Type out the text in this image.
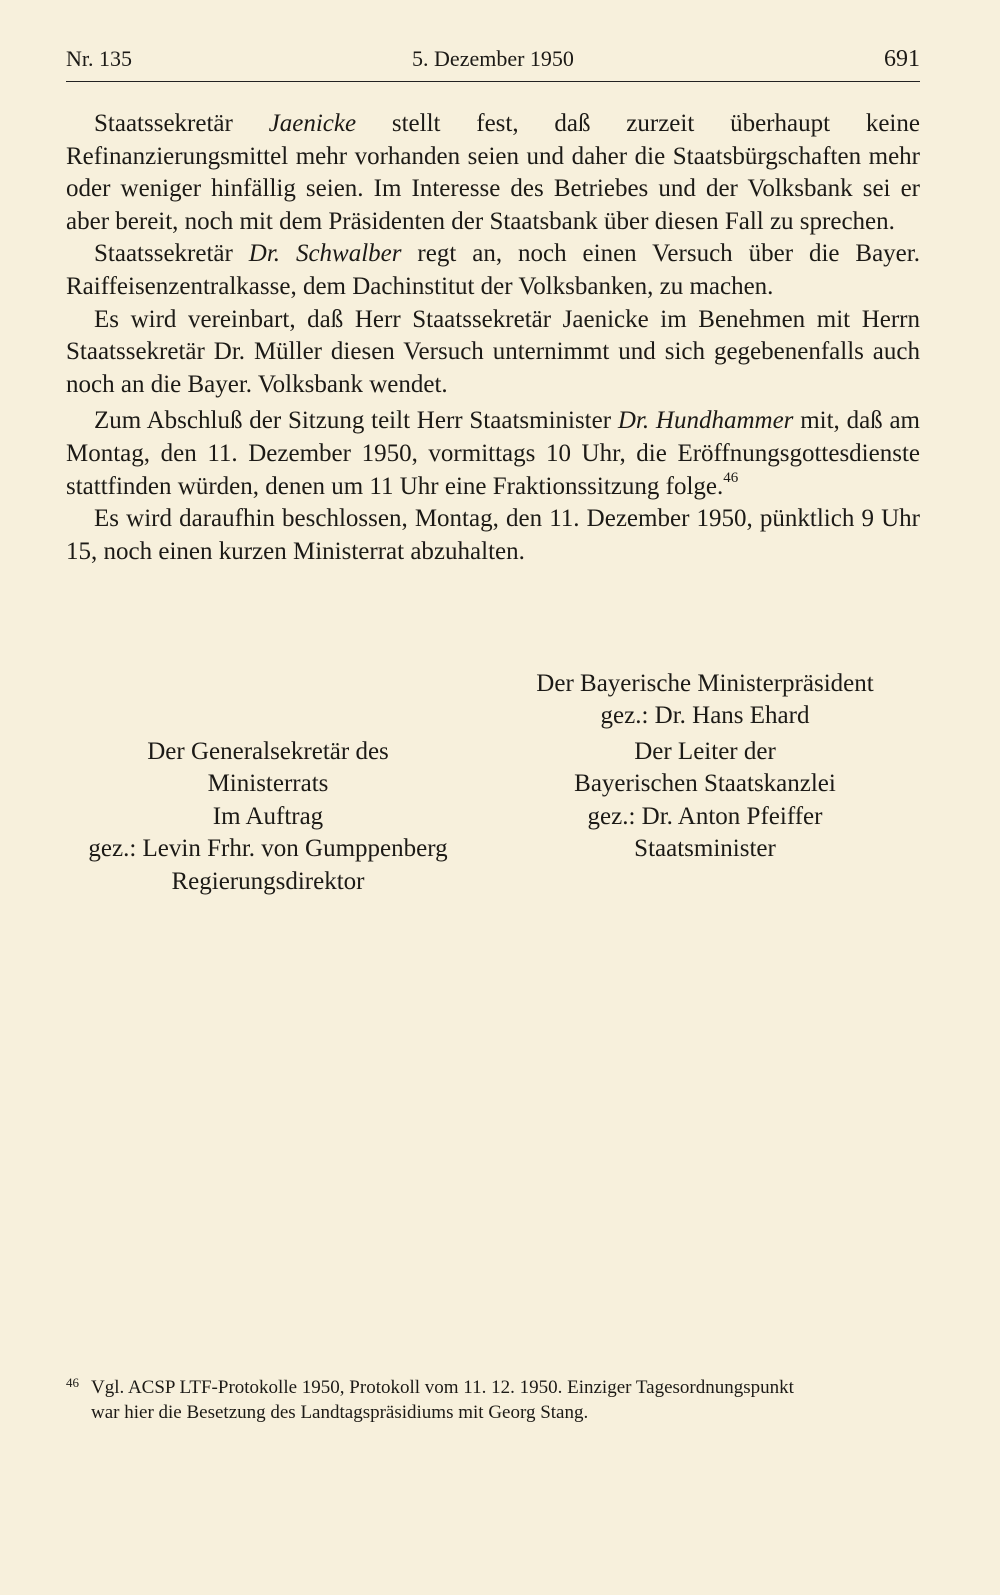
Nr. 135	5. Dezember 1950	691

Staatssekretär Jaenicke stellt fest, daß zurzeit überhaupt keine Refinanzierungsmittel mehr vorhanden seien und daher die Staatsbürgschaften mehr oder weniger hinfällig seien. Im Interesse des Betriebes und der Volksbank sei er aber bereit, noch mit dem Präsidenten der Staatsbank über diesen Fall zu sprechen.

Staatssekretär Dr. Schwalber regt an, noch einen Versuch über die Bayer. Raiffeisenzentralkasse, dem Dachinstitut der Volksbanken, zu machen.

Es wird vereinbart, daß Herr Staatssekretär Jaenicke im Benehmen mit Herrn Staatssekretär Dr. Müller diesen Versuch unternimmt und sich gegebenenfalls auch noch an die Bayer. Volksbank wendet.

Zum Abschluß der Sitzung teilt Herr Staatsminister Dr. Hundhammer mit, daß am Montag, den 11. Dezember 1950, vormittags 10 Uhr, die Eröffnungsgottesdienste stattfinden würden, denen um 11 Uhr eine Fraktionssitzung folge.$^{46}$

Es wird daraufhin beschlossen, Montag, den 11. Dezember 1950, pünktlich 9 Uhr 15, noch einen kurzen Ministerrat abzuhalten.

Der Bayerische Ministerpräsident
gez.: Dr. Hans Ehard
Der Generalsekretär des
Ministerrats
Im Auftrag
gez.: Levin Frhr. von Gumppenberg
Regierungsdirektor
Der Leiter der
Bayerischen Staatskanzlei
gez.: Dr. Anton Pfeiffer
Staatsminister
$^{46}$ Vgl. ACSP LTF-Protokolle 1950, Protokoll vom 11. 12. 1950. Einziger Tagesordnungspunkt
war hier die Besetzung des Landtagspräsidiums mit Georg Stang.
